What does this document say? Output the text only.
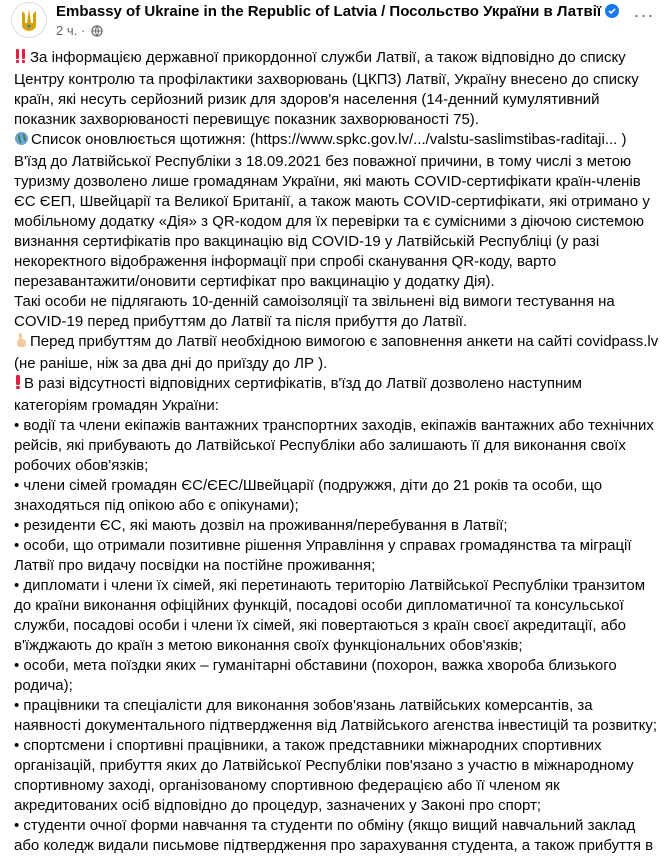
Embassy of Ukraine in the Republic of Latvia / Посольство України в Латвії
2 ч. ·
···

За інформацією державної прикордонної служби Латвії, а також відповідно до списку Центру контролю та профілактики захворювань (ЦКПЗ) Латвії, Україну внесено до списку країн, які несуть серйозний ризик для здоров'я населення (14-денний кумулятивний показник захворюваності перевищує показник захворюваності 75).

Список оновлюється щотижня: (https://www.spkc.gov.lv/.../valstu-saslimstibas-raditaji... )

В'їзд до Латвійської Республіки з 18.09.2021 без поважної причини, в тому числі з метою туризму дозволено лише громадянам України, які мають COVID-сертифікати країн-членів ЄС ЄЕП, Швейцарії та Великої Британії, а також мають COVID-сертифікати, які отримано у мобільному додатку «Дія» з QR-кодом для їх перевірки та є сумісними з діючою системою визнання сертифікатів про вакцинацію від COVID-19 у Латвійській Республіці (у разі некоректного відображення інформації при спробі сканування QR-коду, варто перезавантажити/оновити сертифікат про вакцинацію у додатку Дія).

Такі особи не підлягають 10-денній самоізоляції та звільнені від вимоги тестування на COVID-19 перед прибуттям до Латвії та після прибуття до Латвії.

Перед прибуттям до Латвії необхідною вимогою є заповнення анкети на сайті covidpass.lv (не раніше, ніж за два дні до приїзду до ЛР ).

В разі відсутності відповідних сертифікатів, в'їзд до Латвії дозволено наступним категоріям громадян України:

• водії та члени екіпажів вантажних транспортних заходів, екіпажів вантажних або технічних рейсів, які прибувають до Латвійської Республіки або залишають її для виконання своїх робочих обов'язків;

• члени сімей громадян ЄС/ЄЕС/Швейцарії (подружжя, діти до 21 років та особи, що знаходяться під опікою або є опікунами);

• резиденти ЄС, які мають дозвіл на проживання/перебування в Латвії;

• особи, що отримали позитивне рішення Управління у справах громадянства та міграції Латвії про видачу посвідки на постійне проживання;

• дипломати і члени їх сімей, які перетинають територію Латвійської Республіки транзитом до країни виконання офіційних функцій, посадові особи дипломатичної та консульської служби, посадові особи і члени їх сімей, які повертаються з країн своєї акредитації, або в'їжджають до країн з метою виконання своїх функціональних обов'язків;

• особи, мета поїздки яких – гуманітарні обставини (похорон, важка хвороба близького родича);

• працівники та спеціалісти для виконання зобов'язань латвійських комерсантів, за наявності документального підтвердження від Латвійського агенства інвестицій та розвитку;

• спортсмени і спортивні працівники, а також представники міжнародних спортивних організацій, прибуття яких до Латвійської Республіки пов'язано з участю в міжнародному спортивному заході, організованому спортивною федерацією або її членом як акредитованих осіб відповідно до процедур, зазначених у Законі про спорт;

• студенти очної форми навчання та студенти по обміну (якщо вищий навчальний заклад або коледж видали письмове підтвердження про зарахування студента, а також прибуття в
